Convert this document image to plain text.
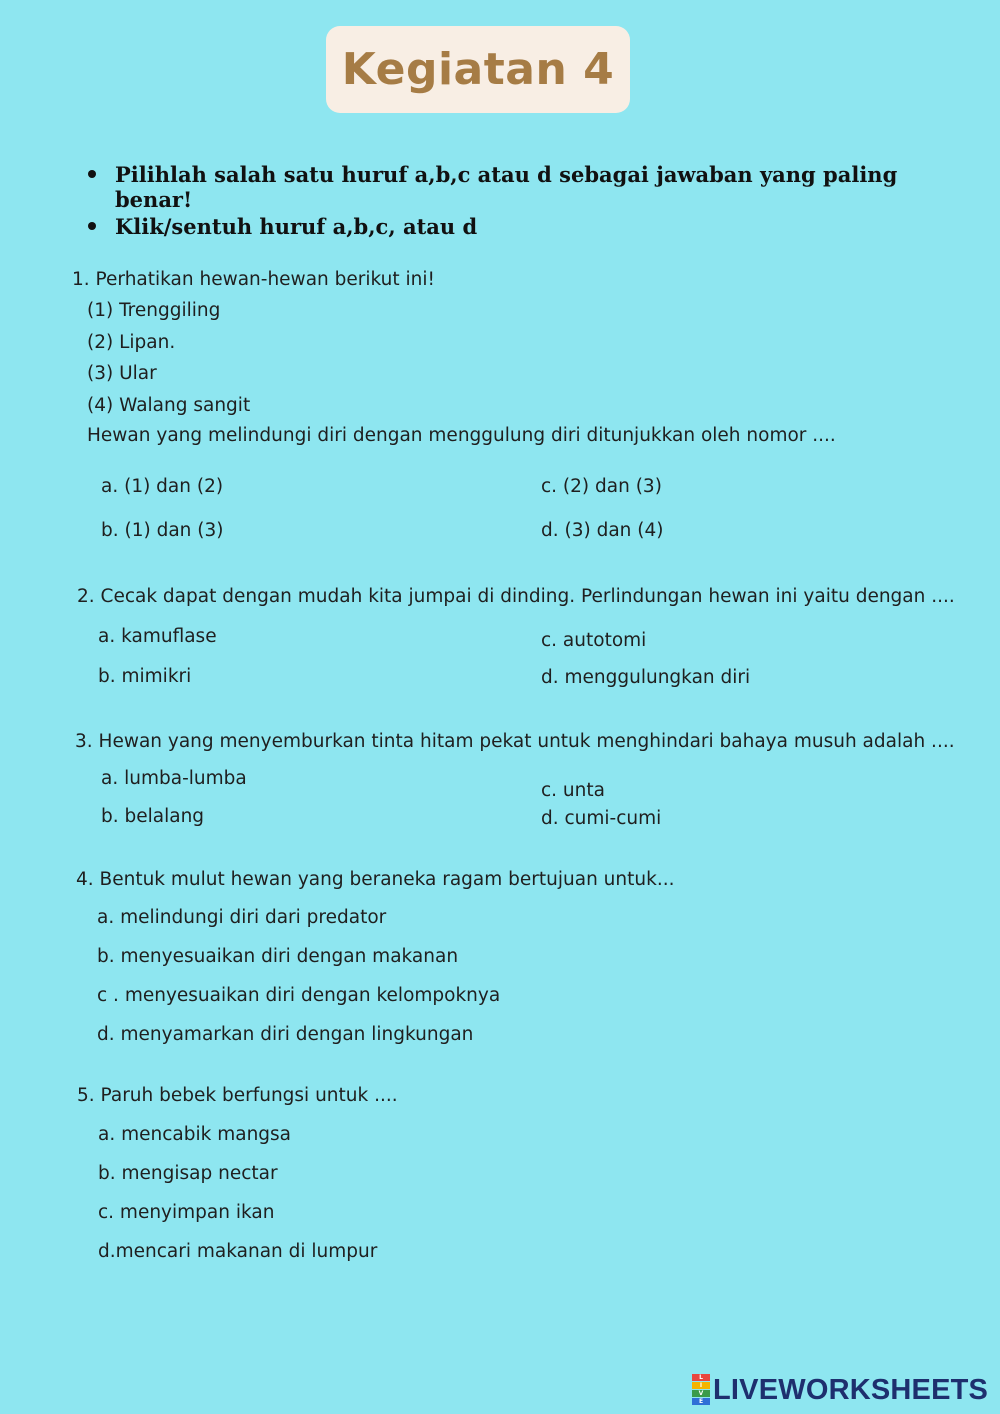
Kegiatan 4
Pilihlah salah satu huruf a,b,c atau d sebagai jawaban yang paling benar!
Klik/sentuh huruf a,b,c, atau d
1. Perhatikan hewan-hewan berikut ini!
(1) Trenggiling
(2) Lipan.
(3) Ular
(4) Walang sangit
Hewan yang melindungi diri dengan menggulung diri ditunjukkan oleh nomor ....
a. (1) dan (2)
b. (1) dan (3)
c. (2) dan (3)
d. (3) dan (4)
2. Cecak dapat dengan mudah kita jumpai di dinding. Perlindungan hewan ini yaitu dengan ....
a. kamuflase
b. mimikri
c. autotomi
d. menggulungkan diri
3. Hewan yang menyemburkan tinta hitam pekat untuk menghindari bahaya musuh adalah ....
a. lumba-lumba
b. belalang
c. unta
d. cumi-cumi
4. Bentuk mulut hewan yang beraneka ragam bertujuan untuk...
a. melindungi diri dari predator
b. menyesuaikan diri dengan makanan
c . menyesuaikan diri dengan kelompoknya
d. menyamarkan diri dengan lingkungan
5. Paruh bebek berfungsi untuk ....
a. mencabik mangsa
b. mengisap nectar
c. menyimpan ikan
d.mencari makanan di lumpur
L
I
V
E LIVEWORKSHEETS
